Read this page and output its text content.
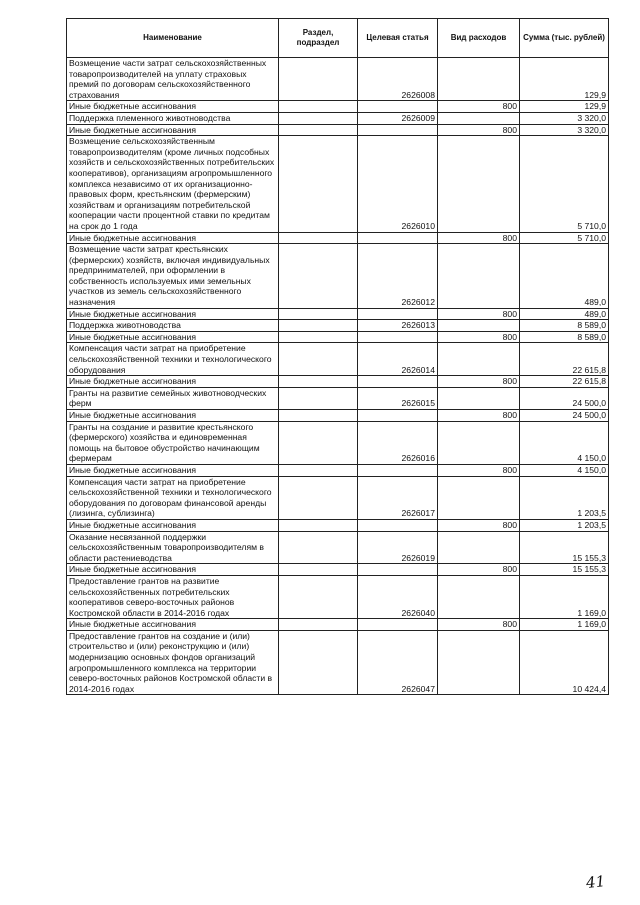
Наименование	Раздел, подраздел	Целевая статья	Вид расходов	Сумма (тыс. рублей)
Возмещение части затрат сельскохозяйственных товаропроизводителей на уплату страховых премий по договорам сельскохозяйственного страхования		2626008		129,9
Иные бюджетные ассигнования			800	129,9
Поддержка племенного животноводства		2626009		3 320,0
Иные бюджетные ассигнования			800	3 320,0
Возмещение сельскохозяйственным товаропроизводителям (кроме личных подсобных хозяйств и сельскохозяйственных потребительских кооперативов), организациям агропромышленного комплекса независимо от их организационно-правовых форм, крестьянским (фермерским) хозяйствам и организациям потребительской кооперации части процентной ставки по кредитам на срок до 1 года		2626010		5 710,0
Иные бюджетные ассигнования			800	5 710,0
Возмещение части затрат крестьянских (фермерских) хозяйств, включая индивидуальных предпринимателей, при оформлении в собственность используемых ими земельных участков из земель сельскохозяйственного назначения		2626012		489,0
Иные бюджетные ассигнования			800	489,0
Поддержка животноводства		2626013		8 589,0
Иные бюджетные ассигнования			800	8 589,0
Компенсация части затрат на приобретение сельскохозяйственной техники и технологического оборудования		2626014		22 615,8
Иные бюджетные ассигнования			800	22 615,8
Гранты на развитие семейных животноводческих ферм		2626015		24 500,0
Иные бюджетные ассигнования			800	24 500,0
Гранты на создание и развитие крестьянского (фермерского) хозяйства и единовременная помощь на бытовое обустройство начинающим фермерам		2626016		4 150,0
Иные бюджетные ассигнования			800	4 150,0
Компенсация части затрат на приобретение сельскохозяйственной техники и технологического оборудования по договорам финансовой аренды (лизинга, сублизинга)		2626017		1 203,5
Иные бюджетные ассигнования			800	1 203,5
Оказание несвязанной поддержки сельскохозяйственным товаропроизводителям в области растениеводства		2626019		15 155,3
Иные бюджетные ассигнования			800	15 155,3
Предоставление грантов на развитие сельскохозяйственных потребительских кооперативов северо-восточных районов Костромской области в 2014-2016 годах		2626040		1 169,0
Иные бюджетные ассигнования			800	1 169,0
Предоставление грантов на создание и (или) строительство и (или) реконструкцию и (или) модернизацию основных фондов организаций агропромышленного комплекса на территории северо-восточных районов Костромской области в 2014-2016 годах		2626047		10 424,4
41
